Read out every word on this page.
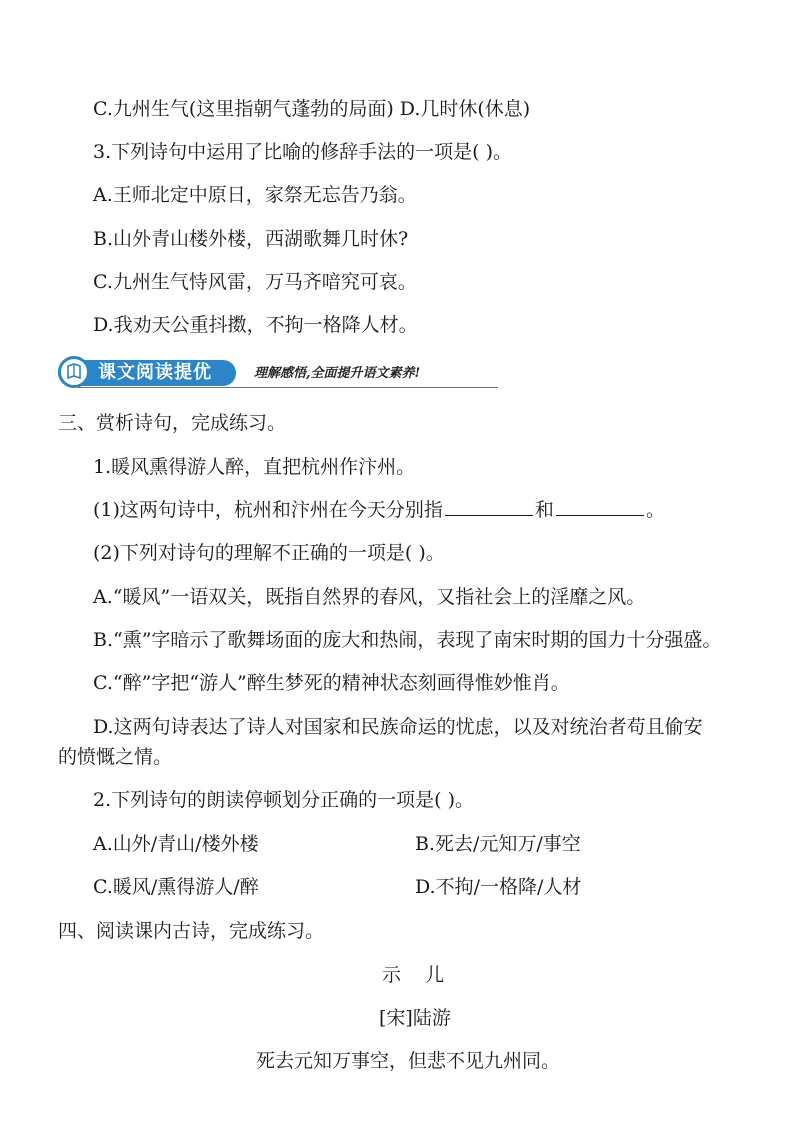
C.九州生气(这里指朝气蓬勃的局面) D.几时休(休息)
3.下列诗句中运用了比喻的修辞手法的一项是( )。
A.王师北定中原日，家祭无忘告乃翁。
B.山外青山楼外楼，西湖歌舞几时休?
C.九州生气恃风雷，万马齐喑究可哀。
D.我劝天公重抖擞，不拘一格降人材。
课文阅读提优	理解感悟,全面提升语文素养!
三、赏析诗句，完成练习。
1.暖风熏得游人醉，直把杭州作汴州。
(1)这两句诗中，杭州和汴州在今天分别指	和	。
(2)下列对诗句的理解不正确的一项是( )。
A.“暖风”一语双关，既指自然界的春风，又指社会上的淫靡之风。
B.“熏”字暗示了歌舞场面的庞大和热闹，表现了南宋时期的国力十分强盛。
C.“醉”字把“游人”醉生梦死的精神状态刻画得惟妙惟肖。
D.这两句诗表达了诗人对国家和民族命运的忧虑，以及对统治者苟且偷安
的愤慨之情。
2.下列诗句的朗读停顿划分正确的一项是( )。
A.山外/青山/楼外楼	B.死去/元知万/事空
C.暖风/熏得游人/醉	D.不拘/一格降/人材
四、阅读课内古诗，完成练习。
示    儿
[宋]陆游
死去元知万事空，但悲不见九州同。
